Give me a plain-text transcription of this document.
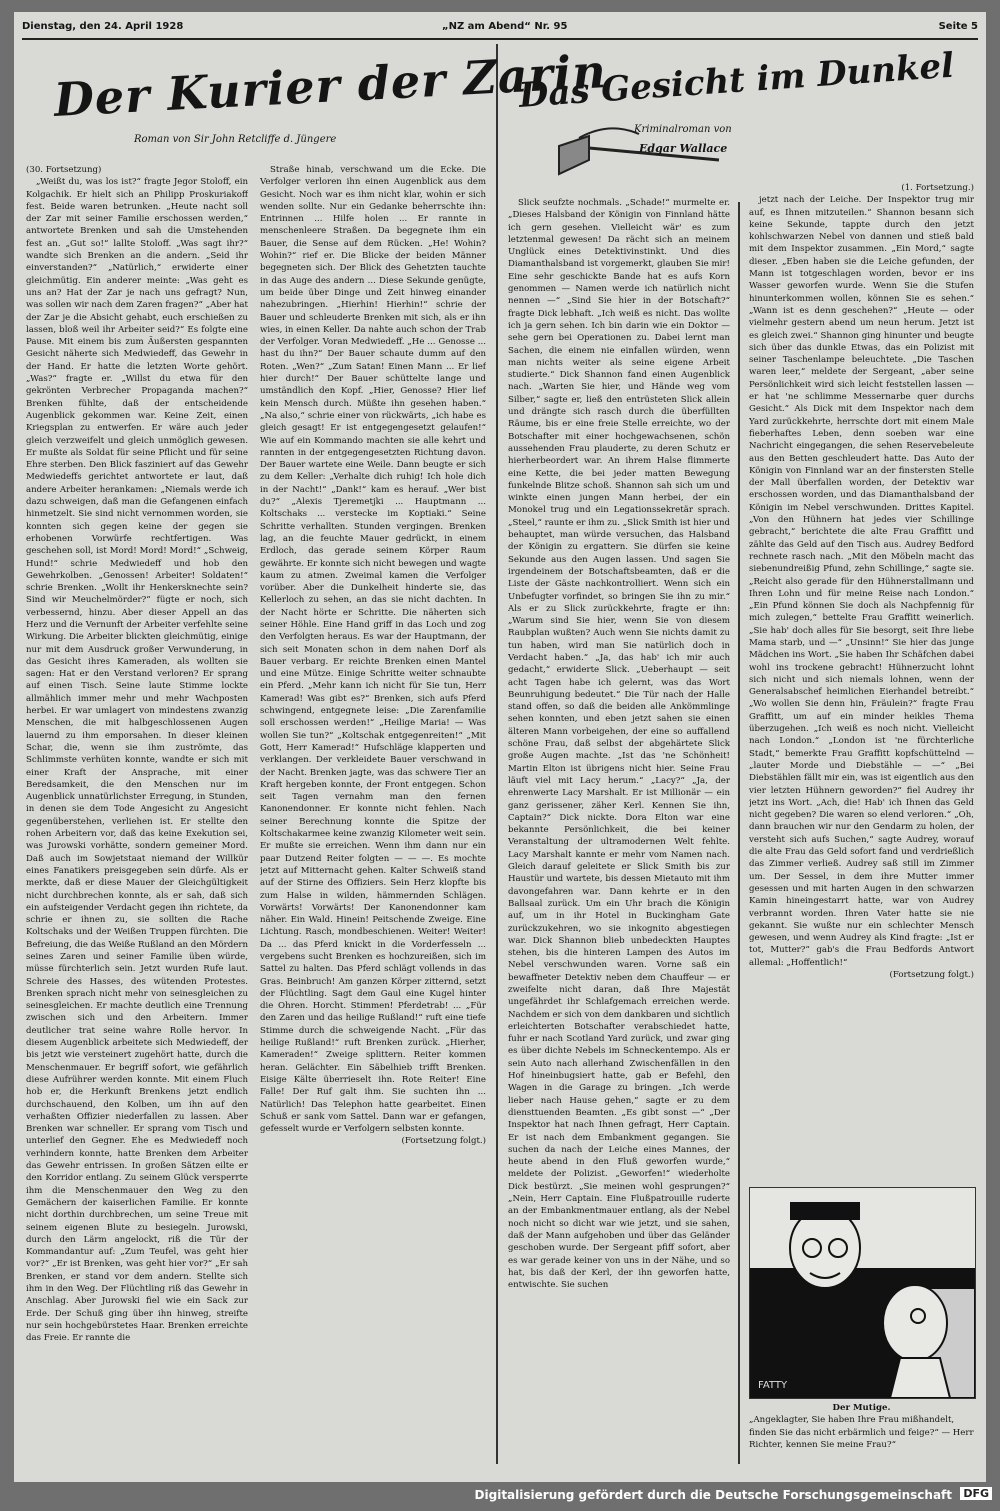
Dienstag, den 24. April 1928	„NZ am Abend“ Nr. 95	Seite 5
Der Kurier der Zarin
Roman von Sir John Retcliffe d. Jüngere
Das Gesicht im Dunkel
Kriminalroman von
Edgar Wallace

(30. Fortsetzung)

„Weißt du, was los ist?“ fragte Jegor Stoloff, ein Kolgachik. Er hielt sich an Philipp Proskuriakoff fest. Beide waren betrunken. „Heute nacht soll der Zar mit seiner Familie erschossen werden,“ antwortete Brenken und sah die Umstehenden fest an. „Gut so!“ lallte Stoloff. „Was sagt ihr?“ wandte sich Brenken an die andern. „Seid ihr einverstanden?“ „Natürlich,“ erwiderte einer gleichmütig. Ein anderer meinte: „Was geht es uns an? Hat der Zar je nach uns gefragt? Nun, was sollen wir nach dem Zaren fragen?“ „Aber hat der Zar je die Absicht gehabt, euch erschießen zu lassen, bloß weil ihr Arbeiter seid?“ Es folgte eine Pause. Mit einem bis zum Äußersten gespannten Gesicht näherte sich Medwiedeff, das Gewehr in der Hand. Er hatte die letzten Worte gehört. „Was?“ fragte er. „Willst du etwa für den gekrönten Verbrecher Propaganda machen?“ Brenken fühlte, daß der entscheidende Augenblick gekommen war. Keine Zeit, einen Kriegsplan zu entwerfen. Er wäre auch jeder gleich verzweifelt und gleich unmöglich gewesen. Er mußte als Soldat für seine Pflicht und für seine Ehre sterben. Den Blick fasziniert auf das Gewehr Medwiedeffs gerichtet antwortete er laut, daß andere Arbeiter herankamen: „Niemals werde ich dazu schweigen, daß man die Gefangenen einfach hinmetzelt. Sie sind nicht vernommen worden, sie konnten sich gegen keine der gegen sie erhobenen Vorwürfe rechtfertigen. Was geschehen soll, ist Mord! Mord! Mord!“ „Schweig, Hund!“ schrie Medwiedeff und hob den Gewehrkolben. „Genossen! Arbeiter! Soldaten!“ schrie Brenken. „Wollt ihr Henkersknechte sein? Sind wir Meuchelmörder?“ fügte er noch, sich verbessernd, hinzu. Aber dieser Appell an das Herz und die Vernunft der Arbeiter verfehlte seine Wirkung. Die Arbeiter blickten gleichmütig, einige nur mit dem Ausdruck großer Verwunderung, in das Gesicht ihres Kameraden, als wollten sie sagen: Hat er den Verstand verloren? Er sprang auf einen Tisch. Seine laute Stimme lockte allmählich immer mehr und mehr Wachposten herbei. Er war umlagert von mindestens zwanzig Menschen, die mit halbgeschlossenen Augen lauernd zu ihm emporsahen. In dieser kleinen Schar, die, wenn sie ihm zuströmte, das Schlimmste verhüten konnte, wandte er sich mit einer Kraft der Ansprache, mit einer Beredsamkeit, die den Menschen nur im Augenblick unnatürlichster Erregung, in Stunden, in denen sie dem Tode Angesicht zu Angesicht gegenüberstehen, verliehen ist. Er stellte den rohen Arbeitern vor, daß das keine Exekution sei, was Jurowski vorhätte, sondern gemeiner Mord. Daß auch im Sowjetstaat niemand der Willkür eines Fanatikers preisgegeben sein dürfe. Als er merkte, daß er diese Mauer der Gleichgültigkeit nicht durchbrechen konnte, als er sah, daß sich ein aufsteigender Verdacht gegen ihn richtete, da schrie er ihnen zu, sie sollten die Rache Koltschaks und der Weißen Truppen fürchten. Die Befreiung, die das Weiße Rußland an den Mördern seines Zaren und seiner Familie üben würde, müsse fürchterlich sein. Jetzt wurden Rufe laut. Schreie des Hasses, des wütenden Protestes. Brenken sprach nicht mehr von seinesgleichen zu seinesgleichen. Er machte deutlich eine Trennung zwischen sich und den Arbeitern. Immer deutlicher trat seine wahre Rolle hervor. In diesem Augenblick arbeitete sich Medwiedeff, der bis jetzt wie versteinert zugehört hatte, durch die Menschenmauer. Er begriff sofort, wie gefährlich diese Aufrührer werden konnte. Mit einem Fluch hob er, die Herkunft Brenkens jetzt endlich durchschauend, den Kolben, um ihn auf den verhaßten Offizier niederfallen zu lassen. Aber Brenken war schneller. Er sprang vom Tisch und unterlief den Gegner. Ehe es Medwiedeff noch verhindern konnte, hatte Brenken dem Arbeiter das Gewehr entrissen. In großen Sätzen eilte er den Korridor entlang. Zu seinem Glück versperrte ihm die Menschenmauer den Weg zu den Gemächern der kaiserlichen Familie. Er konnte nicht dorthin durchbrechen, um seine Treue mit seinem eigenen Blute zu besiegeln. Jurowski, durch den Lärm angelockt, riß die Tür der Kommandantur auf: „Zum Teufel, was geht hier vor?“ „Er ist Brenken, was geht hier vor?“ „Er sah Brenken, er stand vor dem andern. Stellte sich ihm in den Weg. Der Flüchtling riß das Gewehr in Anschlag. Aber Jurowski fiel wie ein Sack zur Erde. Der Schuß ging über ihn hinweg, streifte nur sein hochgebürstetes Haar. Brenken erreichte das Freie. Er rannte die

Straße hinab, verschwand um die Ecke. Die Verfolger verloren ihn einen Augenblick aus dem Gesicht. Noch war es ihm nicht klar, wohin er sich wenden sollte. Nur ein Gedanke beherrschte ihn: Entrinnen ... Hilfe holen ... Er rannte in menschenleere Straßen. Da begegnete ihm ein Bauer, die Sense auf dem Rücken. „He! Wohin? Wohin?“ rief er. Die Blicke der beiden Männer begegneten sich. Der Blick des Gehetzten tauchte in das Auge des andern ... Diese Sekunde genügte, um beide über Dinge und Zeit hinweg einander nahezubringen. „Hierhin! Hierhin!“ schrie der Bauer und schleuderte Brenken mit sich, als er ihn wies, in einen Keller. Da nahte auch schon der Trab der Verfolger. Voran Medwiedeff. „He ... Genosse ... hast du ihn?“ Der Bauer schaute dumm auf den Roten. „Wen?“ „Zum Satan! Einen Mann ... Er lief hier durch!“ Der Bauer schüttelte lange und umständlich den Kopf. „Hier, Genosse? Hier lief kein Mensch durch. Müßte ihn gesehen haben.“ „Na also,“ schrie einer von rückwärts, „ich habe es gleich gesagt! Er ist entgegengesetzt gelaufen!“ Wie auf ein Kommando machten sie alle kehrt und rannten in der entgegengesetzten Richtung davon. Der Bauer wartete eine Weile. Dann beugte er sich zu dem Keller: „Verhalte dich ruhig! Ich hole dich in der Nacht!“ „Dank!“ kam es herauf. „Wer bist du?“ „Alexis Tjeremetjki ... Hauptmann ... Koltschaks ... verstecke im Koptiaki.“ Seine Schritte verhallten. Stunden vergingen. Brenken lag, an die feuchte Mauer gedrückt, in einem Erdloch, das gerade seinem Körper Raum gewährte. Er konnte sich nicht bewegen und wagte kaum zu atmen. Zweimal kamen die Verfolger vorüber. Aber die Dunkelheit hinderte sie, das Kellerloch zu sehen, an das sie nicht dachten. In der Nacht hörte er Schritte. Die näherten sich seiner Höhle. Eine Hand griff in das Loch und zog den Verfolgten heraus. Es war der Hauptmann, der sich seit Monaten schon in dem nahen Dorf als Bauer verbarg. Er reichte Brenken einen Mantel und eine Mütze. Einige Schritte weiter schnaubte ein Pferd. „Mehr kann ich nicht für Sie tun, Herr Kamerad! Was gibt es?“ Brenken, sich aufs Pferd schwingend, entgegnete leise: „Die Zarenfamilie soll erschossen werden!“ „Heilige Maria! — Was wollen Sie tun?“ „Koltschak entgegenreiten!“ „Mit Gott, Herr Kamerad!“ Hufschläge klapperten und verklangen. Der verkleidete Bauer verschwand in der Nacht. Brenken jagte, was das schwere Tier an Kraft hergeben konnte, der Front entgegen. Schon seit Tagen vernahm man den fernen Kanonendonner. Er konnte nicht fehlen. Nach seiner Berechnung konnte die Spitze der Koltschakarmee keine zwanzig Kilometer weit sein. Er mußte sie erreichen. Wenn ihm dann nur ein paar Dutzend Reiter folgten — — —. Es mochte jetzt auf Mitternacht gehen. Kalter Schweiß stand auf der Stirne des Offiziers. Sein Herz klopfte bis zum Halse in wilden, hämmernden Schlägen. Vorwärts! Vorwärts! Der Kanonendonner kam näher. Ein Wald. Hinein! Peitschende Zweige. Eine Lichtung. Rasch, mondbeschienen. Weiter! Weiter! Da ... das Pferd knickt in die Vorderfesseln ... vergebens sucht Brenken es hochzureißen, sich im Sattel zu halten. Das Pferd schlägt vollends in das Gras. Beinbruch! Am ganzen Körper zitternd, setzt der Flüchtling. Sagt dem Gaul eine Kugel hinter die Ohren. Horcht. Stimmen! Pferdetrab! ... „Für den Zaren und das heilige Rußland!“ ruft eine tiefe Stimme durch die schweigende Nacht. „Für das heilige Rußland!“ ruft Brenken zurück. „Hierher, Kameraden!“ Zweige splittern. Reiter kommen heran. Gelächter. Ein Säbelhieb trifft Brenken. Eisige Kälte überrieselt ihn. Rote Reiter! Eine Falle! Der Ruf galt ihm. Sie suchten ihn ... Natürlich! Das Telephon hatte gearbeitet. Einen Schuß er sank vom Sattel. Dann war er gefangen, gefesselt wurde er Verfolgern selbsten konnte.

(Fortsetzung folgt.)

Slick seufzte nochmals. „Schade!“ murmelte er. „Dieses Halsband der Königin von Finnland hätte ich gern gesehen. Vielleicht wär' es zum letztenmal gewesen! Da rächt sich an meinem Unglück eines Detektivinstinkt. Und dies Diamanthalsband ist vorgemerkt, glauben Sie mir! Eine sehr geschickte Bande hat es aufs Korn genommen — Namen werde ich natürlich nicht nennen —“ „Sind Sie hier in der Botschaft?“ fragte Dick lebhaft. „Ich weiß es nicht. Das wollte ich ja gern sehen. Ich bin darin wie ein Doktor — sehe gern bei Operationen zu. Dabei lernt man Sachen, die einem nie einfallen würden, wenn man nichts weiter als seine eigene Arbeit studierte.“ Dick Shannon fand einen Augenblick nach. „Warten Sie hier, und Hände weg vom Silber,“ sagte er, ließ den entrüsteten Slick allein und drängte sich rasch durch die überfüllten Räume, bis er eine freie Stelle erreichte, wo der Botschafter mit einer hochgewachsenen, schön aussehenden Frau plauderte, zu deren Schutz er hierherbeordert war. An ihrem Halse flimmerte eine Kette, die bei jeder matten Bewegung funkelnde Blitze schoß. Shannon sah sich um und winkte einen jungen Mann herbei, der ein Monokel trug und ein Legationssekretär sprach. „Steel,“ raunte er ihm zu. „Slick Smith ist hier und behauptet, man würde versuchen, das Halsband der Königin zu ergattern. Sie dürfen sie keine Sekunde aus den Augen lassen. Und sagen Sie irgendeinem der Botschaftsbeamten, daß er die Liste der Gäste nachkontrolliert. Wenn sich ein Unbefugter vorfindet, so bringen Sie ihn zu mir.“ Als er zu Slick zurückkehrte, fragte er ihn: „Warum sind Sie hier, wenn Sie von diesem Raubplan wußten? Auch wenn Sie nichts damit zu tun haben, wird man Sie natürlich doch in Verdacht haben.“ „Ja, das hab' ich mir auch gedacht,“ erwiderte Slick. „Ueberhaupt — seit acht Tagen habe ich gelernt, was das Wort Beunruhigung bedeutet.“ Die Tür nach der Halle stand offen, so daß die beiden alle Ankömmlinge sehen konnten, und eben jetzt sahen sie einen älteren Mann vorbeigehen, der eine so auffallend schöne Frau, daß selbst der abgehärtete Slick große Augen machte. „Ist das 'ne Schönheit! Martin Elton ist übrigens nicht hier. Seine Frau läuft viel mit Lacy herum.“ „Lacy?“ „Ja, der ehrenwerte Lacy Marshalt. Er ist Millionär — ein ganz gerissener, zäher Kerl. Kennen Sie ihn, Captain?“ Dick nickte. Dora Elton war eine bekannte Persönlichkeit, die bei keiner Veranstaltung der ultramodernen Welt fehlte. Lacy Marshalt kannte er mehr vom Namen nach. Gleich darauf geleitete er Slick Smith bis zur Haustür und wartete, bis dessen Mietauto mit ihm davongefahren war. Dann kehrte er in den Ballsaal zurück. Um ein Uhr brach die Königin auf, um in ihr Hotel in Buckingham Gate zurückzukehren, wo sie inkognito abgestiegen war. Dick Shannon blieb unbedeckten Hauptes stehen, bis die hinteren Lampen des Autos im Nebel verschwunden waren. Vorne saß ein bewaffneter Detektiv neben dem Chauffeur — er zweifelte nicht daran, daß Ihre Majestät ungefährdet ihr Schlafgemach erreichen werde. Nachdem er sich von dem dankbaren und sichtlich erleichterten Botschafter verabschiedet hatte, fuhr er nach Scotland Yard zurück, und zwar ging es über dichte Nebels im Schneckentempo. Als er sein Auto nach allerhand Zwischenfällen in den Hof hineinbugsiert hatte, gab er Befehl, den Wagen in die Garage zu bringen. „Ich werde lieber nach Hause gehen,“ sagte er zu dem diensttuenden Beamten. „Es gibt sonst —“ „Der Inspektor hat nach Ihnen gefragt, Herr Captain. Er ist nach dem Embankment gegangen. Sie suchen da nach der Leiche eines Mannes, der heute abend in den Fluß geworfen wurde,“ meldete der Polizist. „Geworfen!“ wiederholte Dick bestürzt. „Sie meinen wohl gesprungen?“ „Nein, Herr Captain. Eine Flußpatrouille ruderte an der Embankmentmauer entlang, als der Nebel noch nicht so dicht war wie jetzt, und sie sahen, daß der Mann aufgehoben und über das Geländer geschoben wurde. Der Sergeant pfiff sofort, aber es war gerade keiner von uns in der Nähe, und so hat, bis daß der Kerl, der ihn geworfen hatte, entwischte. Sie suchen

(1. Fortsetzung.)

jetzt nach der Leiche. Der Inspektor trug mir auf, es Ihnen mitzuteilen.“ Shannon besann sich keine Sekunde, tappte durch den jetzt kohlschwarzen Nebel von dannen und stieß bald mit dem Inspektor zusammen. „Ein Mord,“ sagte dieser. „Eben haben sie die Leiche gefunden, der Mann ist totgeschlagen worden, bevor er ins Wasser geworfen wurde. Wenn Sie die Stufen hinunterkommen wollen, können Sie es sehen.“ „Wann ist es denn geschehen?“ „Heute — oder vielmehr gestern abend um neun herum. Jetzt ist es gleich zwei.“ Shannon ging hinunter und beugte sich über das dunkle Etwas, das ein Polizist mit seiner Taschenlampe beleuchtete. „Die Taschen waren leer,“ meldete der Sergeant, „aber seine Persönlichkeit wird sich leicht feststellen lassen — er hat 'ne schlimme Messernarbe quer durchs Gesicht.“ Als Dick mit dem Inspektor nach dem Yard zurückkehrte, herrschte dort mit einem Male fieberhaftes Leben, denn soeben war eine Nachricht eingegangen, die sehen Reservebeleute aus den Betten geschleudert hatte. Das Auto der Königin von Finnland war an der finstersten Stelle der Mall überfallen worden, der Detektiv war erschossen worden, und das Diamanthalsband der Königin im Nebel verschwunden. Drittes Kapitel. „Von den Hühnern hat jedes vier Schillinge gebracht,“ berichtete die alte Frau Graffitt und zählte das Geld auf den Tisch aus. Audrey Bedford rechnete rasch nach. „Mit den Möbeln macht das siebenundreißig Pfund, zehn Schillinge,“ sagte sie. „Reicht also gerade für den Hühnerstallmann und Ihren Lohn und für meine Reise nach London.“ „Ein Pfund können Sie doch als Nachpfennig für mich zulegen,“ bettelte Frau Graffitt weinerlich. „Sie hab' doch alles für Sie besorgt, seit Ihre liebe Mama starb, und —“ „Unsinn!“ Sie hier das junge Mädchen ins Wort. „Sie haben Ihr Schäfchen dabei wohl ins trockene gebracht! Hühnerzucht lohnt sich nicht und sich niemals lohnen, wenn der Generalsabschef heimlichen Eierhandel betreibt.“ „Wo wollen Sie denn hin, Fräulein?“ fragte Frau Graffitt, um auf ein minder heikles Thema überzugehen. „Ich weiß es noch nicht. Vielleicht nach London.“ „London ist 'ne fürchterliche Stadt,“ bemerkte Frau Graffitt kopfschüttelnd — „lauter Morde und Diebstähle — —“ „Bei Diebstählen fällt mir ein, was ist eigentlich aus den vier letzten Hühnern geworden?“ fiel Audrey ihr jetzt ins Wort. „Ach, die! Hab' ich Ihnen das Geld nicht gegeben? Die waren so elend verloren.“ „Oh, dann brauchen wir nur den Gendarm zu holen, der versteht sich aufs Suchen,“ sagte Audrey, worauf die alte Frau das Geld sofort fand und verdrießlich das Zimmer verließ. Audrey saß still im Zimmer um. Der Sessel, in dem ihre Mutter immer gesessen und mit harten Augen in den schwarzen Kamin hineingestarrt hatte, war von Audrey verbrannt worden. Ihren Vater hatte sie nie gekannt. Sie wußte nur ein schlechter Mensch gewesen, und wenn Audrey als Kind fragte: „Ist er tot, Mutter?“ gab's die Frau Bedfords Antwort allemal: „Hoffentlich!“

(Fortsetzung folgt.)

FATTY
Der Mutige.
„Angeklagter, Sie haben Ihre Frau mißhandelt, finden Sie das nicht erbärmlich und feige?“ — Herr Richter, kennen Sie meine Frau?“
Digitalisierung gefördert durch die Deutsche Forschungsgemeinschaft DFG
